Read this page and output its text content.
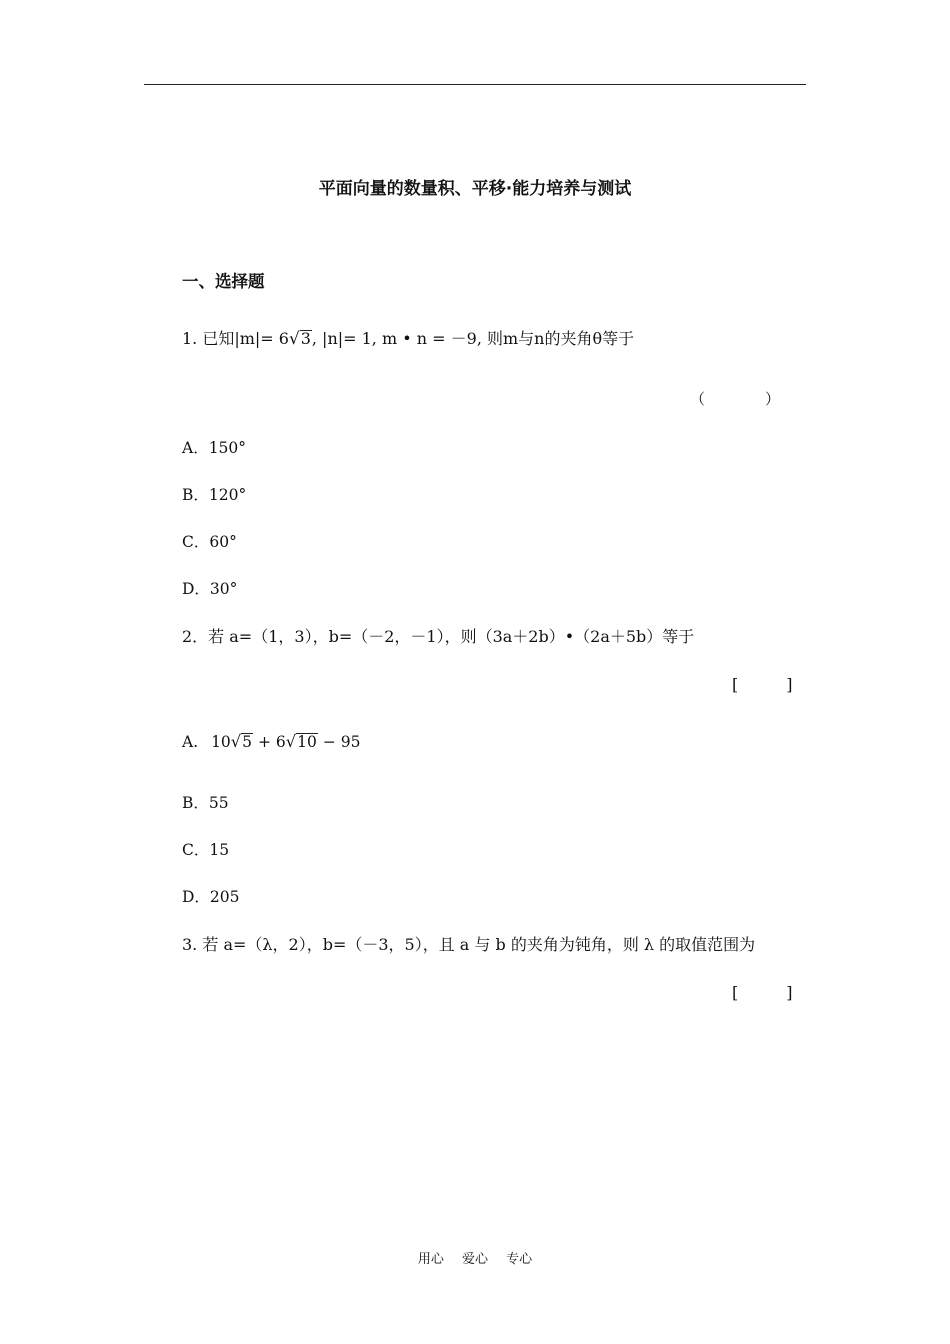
平面向量的数量积、平移·能力培养与测试
一、选择题
1. 已知|m|= 6√3, |n|= 1, m • n = －9, 则m与n的夹角θ等于
（　　　　）
A．150°
B．120°
C．60°
D．30°
2．若 a=（1，3），b=（－2，－1），则（3a＋2b）•（2a＋5b）等于
[　　　]
A. 10√5 + 6√10 − 95
B．55
C．15
D．205
3. 若 a=（λ，2），b=（－3，5），且 a 与 b 的夹角为钝角，则 λ 的取值范围为
[　　　]
用心 爱心 专心
